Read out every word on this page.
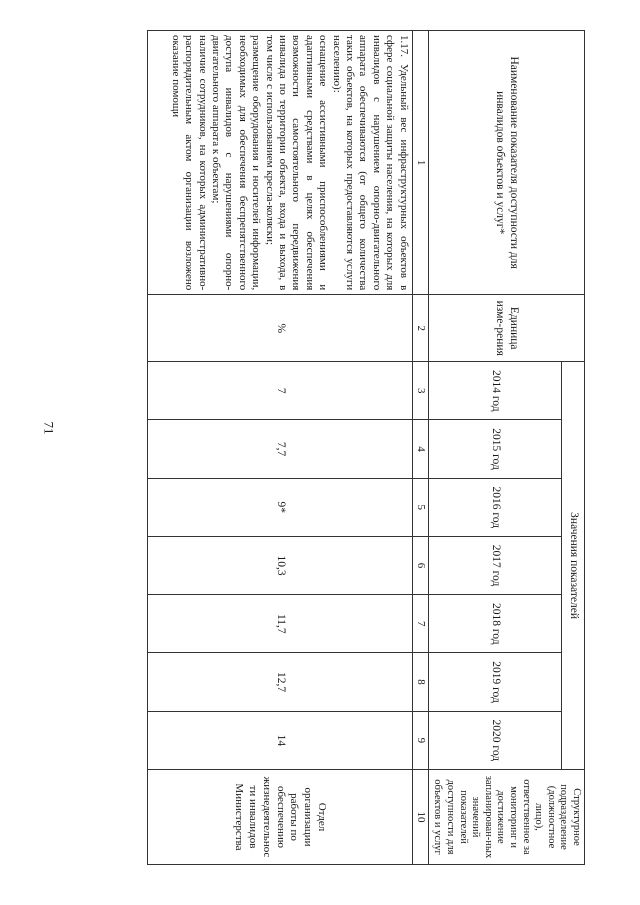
71
Наименование показателя доступности для инвалидов объектов и услуг*	Единица изме-рения	Значения показателей							Структурное подразделение (должностное лицо), ответственное за мониторинг и достижение запланирован-ных значений показателей доступности для объектов и услуг
		2014 год	2015 год	2016 год	2017 год	2018 год	2019 год	2020 год	
1	2	3	4	5	6	7	8	9	10

1.17. Удельный вес инфраструктурных объектов в сфере социальной защиты населения, на которых для инвалидов с нарушением опорно-двигательного аппарата обеспечиваются (от общего количества таких объектов, на которых предоставляются услуги населению):

оснащение ассистивными приспособлениями и адаптивными средствами в целях обеспечения возможности самостоятельного передвижения инвалида по территории объекта, входа и выхода, в том числе с использованием кресла-коляски;

размещение оборудования и носителей информации, необходимых для обеспечения беспрепятственного доступа инвалидов с нарушениями опорно-двигательного аппарата к объектам;

наличие сотрудников, на которых административно-распорядительным актом организации возложено оказание помощи	%	7	7,7	9*	10,3	11,7	12,7	14	Отдел организации работы по обеспечению жизнедеятельнос ти инвалидов Министерства
